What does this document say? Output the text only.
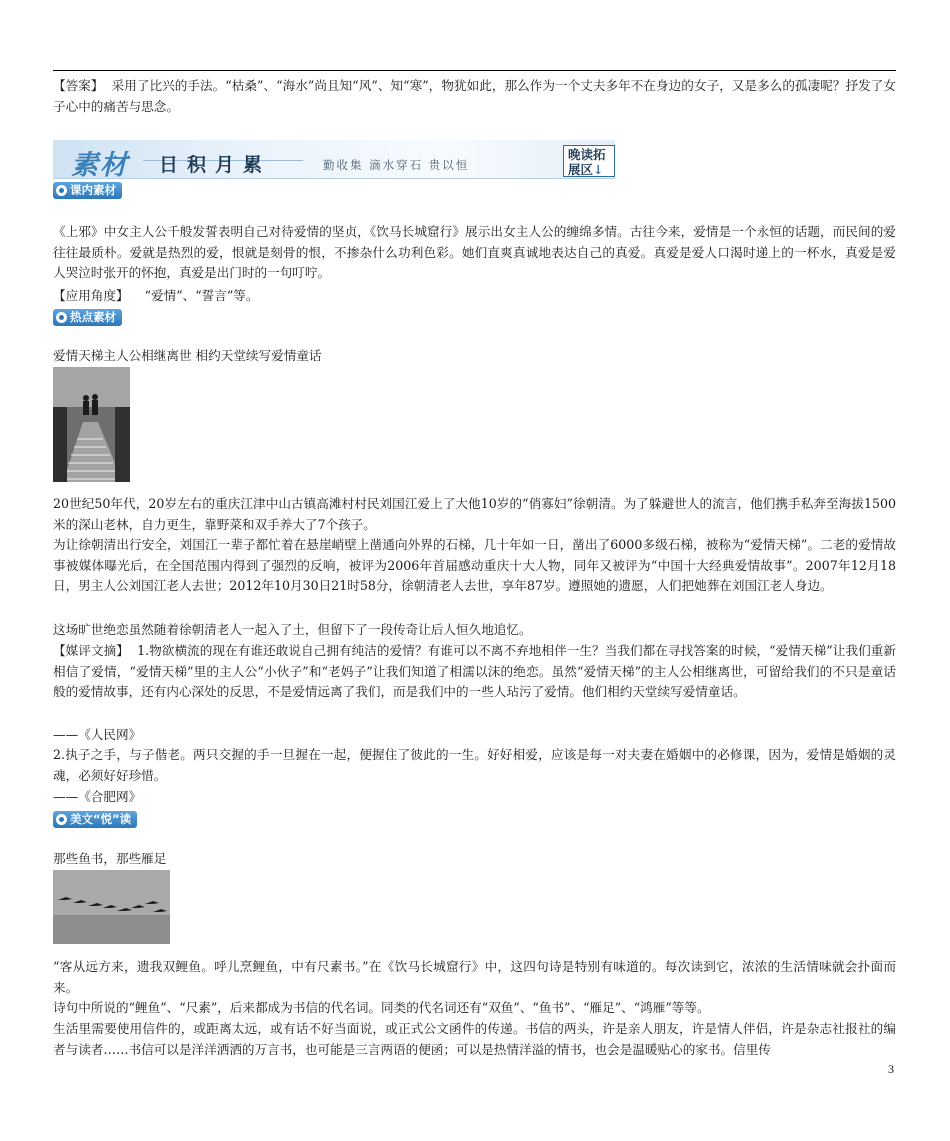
【答案】 采用了比兴的手法。“枯桑”、“海水”尚且知“风”、知“寒”，物犹如此，那么作为一个丈夫多年不在身边的女子，又是多么的孤凄呢？抒发了女子心中的痛苦与思念。

素材 日积月累	勤收集 滴水穿石 贵以恒
晚读拓
展区↓
课内素材

《上邪》中女主人公千般发誓表明自己对待爱情的坚贞，《饮马长城窟行》展示出女主人公的缠绵多情。古往今来，爱情是一个永恒的话题，而民间的爱往往最质朴。爱就是热烈的爱，恨就是刻骨的恨，不掺杂什么功利色彩。她们直爽真诚地表达自己的真爱。真爱是爱人口渴时递上的一杯水，真爱是爱人哭泣时张开的怀抱，真爱是出门时的一句叮咛。

【应用角度】 “爱情”、“誓言”等。

热点素材

爱情天梯主人公相继离世 相约天堂续写爱情童话

20世纪50年代，20岁左右的重庆江津中山古镇高滩村村民刘国江爱上了大他10岁的“俏寡妇”徐朝清。为了躲避世人的流言，他们携手私奔至海拔1500米的深山老林，自力更生，靠野菜和双手养大了7个孩子。

为让徐朝清出行安全，刘国江一辈子都忙着在悬崖峭壁上凿通向外界的石梯，几十年如一日，凿出了6000多级石梯，被称为“爱情天梯”。二老的爱情故事被媒体曝光后，在全国范围内得到了强烈的反响，被评为2006年首届感动重庆十大人物，同年又被评为“中国十大经典爱情故事”。2007年12月18日，男主人公刘国江老人去世；2012年10月30日21时58分，徐朝清老人去世，享年87岁。遵照她的遗愿，人们把她葬在刘国江老人身边。

这场旷世绝恋虽然随着徐朝清老人一起入了土，但留下了一段传奇让后人恒久地追忆。

【媒评文摘】 1.物欲横流的现在有谁还敢说自己拥有纯洁的爱情？有谁可以不离不弃地相伴一生？当我们都在寻找答案的时候，“爱情天梯”让我们重新相信了爱情，“爱情天梯”里的主人公“小伙子”和“老妈子”让我们知道了相濡以沫的绝恋。虽然“爱情天梯”的主人公相继离世，可留给我们的不只是童话般的爱情故事，还有内心深处的反思，不是爱情远离了我们，而是我们中的一些人玷污了爱情。他们相约天堂续写爱情童话。

——《人民网》

2.执子之手，与子偕老。两只交握的手一旦握在一起，便握住了彼此的一生。好好相爱，应该是每一对夫妻在婚姻中的必修课，因为，爱情是婚姻的灵魂，必须好好珍惜。

——《合肥网》

美文“悦”读

那些鱼书，那些雁足

“客从远方来，遗我双鲤鱼。呼儿烹鲤鱼，中有尺素书。”在《饮马长城窟行》中，这四句诗是特别有味道的。每次读到它，浓浓的生活情味就会扑面而来。

诗句中所说的“鲤鱼”、“尺素”，后来都成为书信的代名词。同类的代名词还有“双鱼”、“鱼书”、“雁足”、“鸿雁”等等。

生活里需要使用信件的，或距离太远，或有话不好当面说，或正式公文函件的传递。书信的两头，许是亲人朋友，许是情人伴侣，许是杂志社报社的编者与读者……书信可以是洋洋洒洒的万言书，也可能是三言两语的便函；可以是热情洋溢的情书，也会是温暖贴心的家书。信里传

3
